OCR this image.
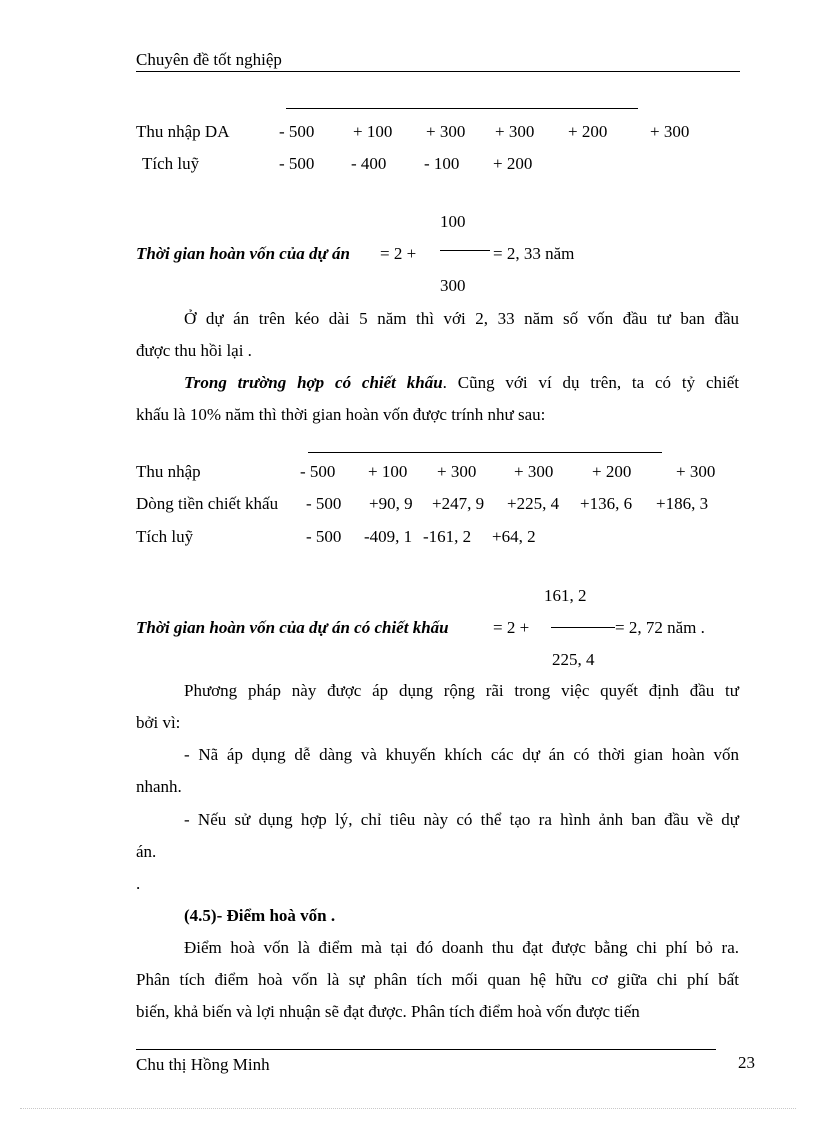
Chuyên đề tốt nghiệp
Thu nhập DA	- 500 + 100 + 300 + 300 + 200	+ 300
Tích luỹ	- 500 - 400 - 100 + 200
100
Thời gian hoàn vốn của dự án = 2 +	= 2, 33 năm
300
Ở dự án trên kéo dài 5 năm thì với 2, 33 năm số vốn đầu tư ban đầu
được thu hồi lại .
Trong trường hợp có chiết khấu. Cũng với ví dụ trên, ta có tỷ chiết
khấu là 10% năm thì thời gian hoàn vốn được trính như sau:
Thu nhập	- 500 + 100 + 300 + 300 + 200	+ 300
Dòng tiền chiết khấu - 500 +90, 9 +247, 9 +225, 4 +136, 6 +186, 3
Tích luỹ	- 500 -409, 1 -161, 2 +64, 2
161, 2
Thời gian hoàn vốn của dự án có chiết khấu	= 2 +	= 2, 72 năm .
225, 4
Phương pháp này được áp dụng rộng rãi trong việc quyết định đầu tư
bởi vì:
- Nã áp dụng dễ dàng và khuyến khích các dự án có thời gian hoàn vốn
nhanh.
- Nếu sử dụng hợp lý, chỉ tiêu này có thể tạo ra hình ảnh ban đầu về dự
án.
.
(4.5)- Điểm hoà vốn .
Điểm hoà vốn là điểm mà tại đó doanh thu đạt được bằng chi phí bỏ ra.
Phân tích điểm hoà vốn là sự phân tích mối quan hệ hữu cơ giữa chi phí bất
biến, khả biến và lợi nhuận sẽ đạt được. Phân tích điểm hoà vốn được tiến
Chu thị Hồng Minh	23
